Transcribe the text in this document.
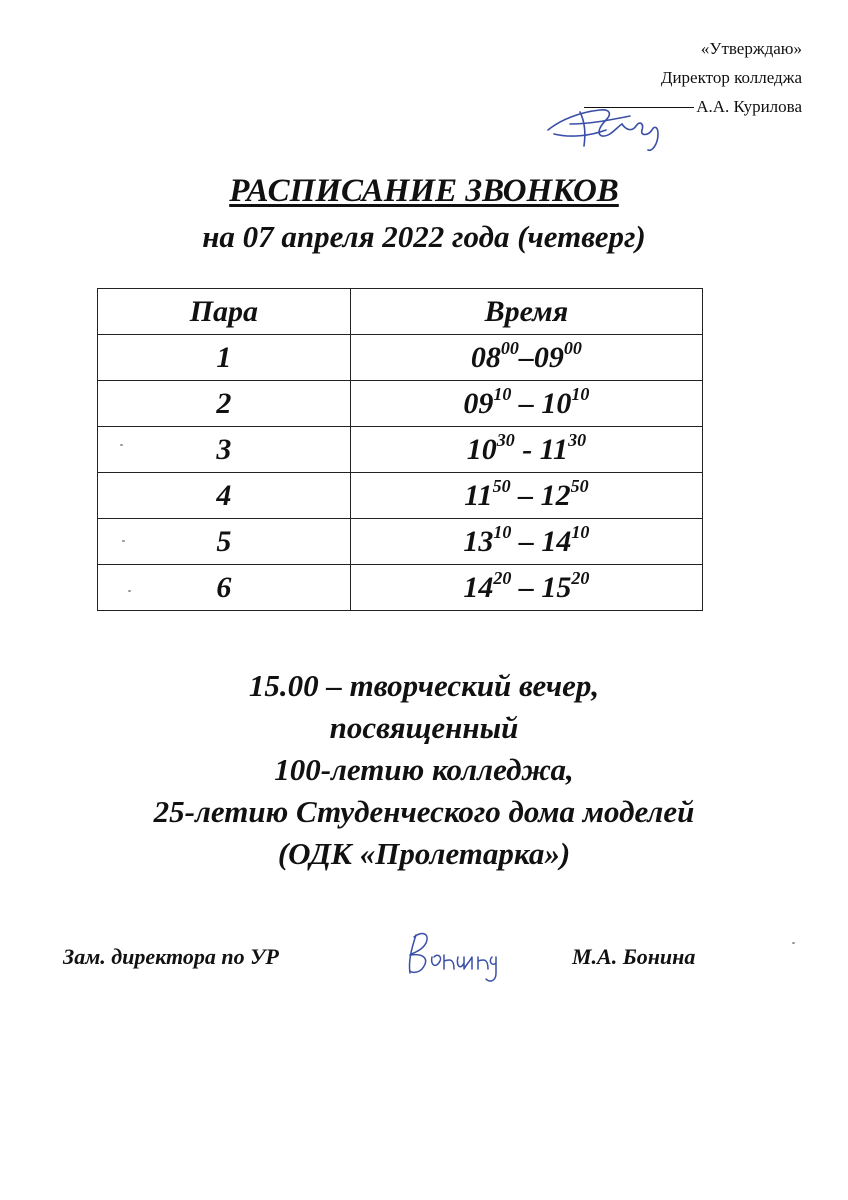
«Утверждаю»
Директор колледжа
А.А. Курилова
РАСПИСАНИЕ ЗВОНКОВ
на 07 апреля 2022 года (четверг)
Пара	Время
1	$08^{00}-09^{00}$
2	$09^{10} - 10^{10}$
3	$10^{30} - 11^{30}$
4	$11^{50} - 12^{50}$
5	$13^{10} - 14^{10}$
6	$14^{20} - 15^{20}$
15.00 – творческий вечер,
посвященный
100-летию колледжа,
25-летию Студенческого дома моделей
(ОДК «Пролетарка»)
Зам. директора по УР	М.А. Бонина
